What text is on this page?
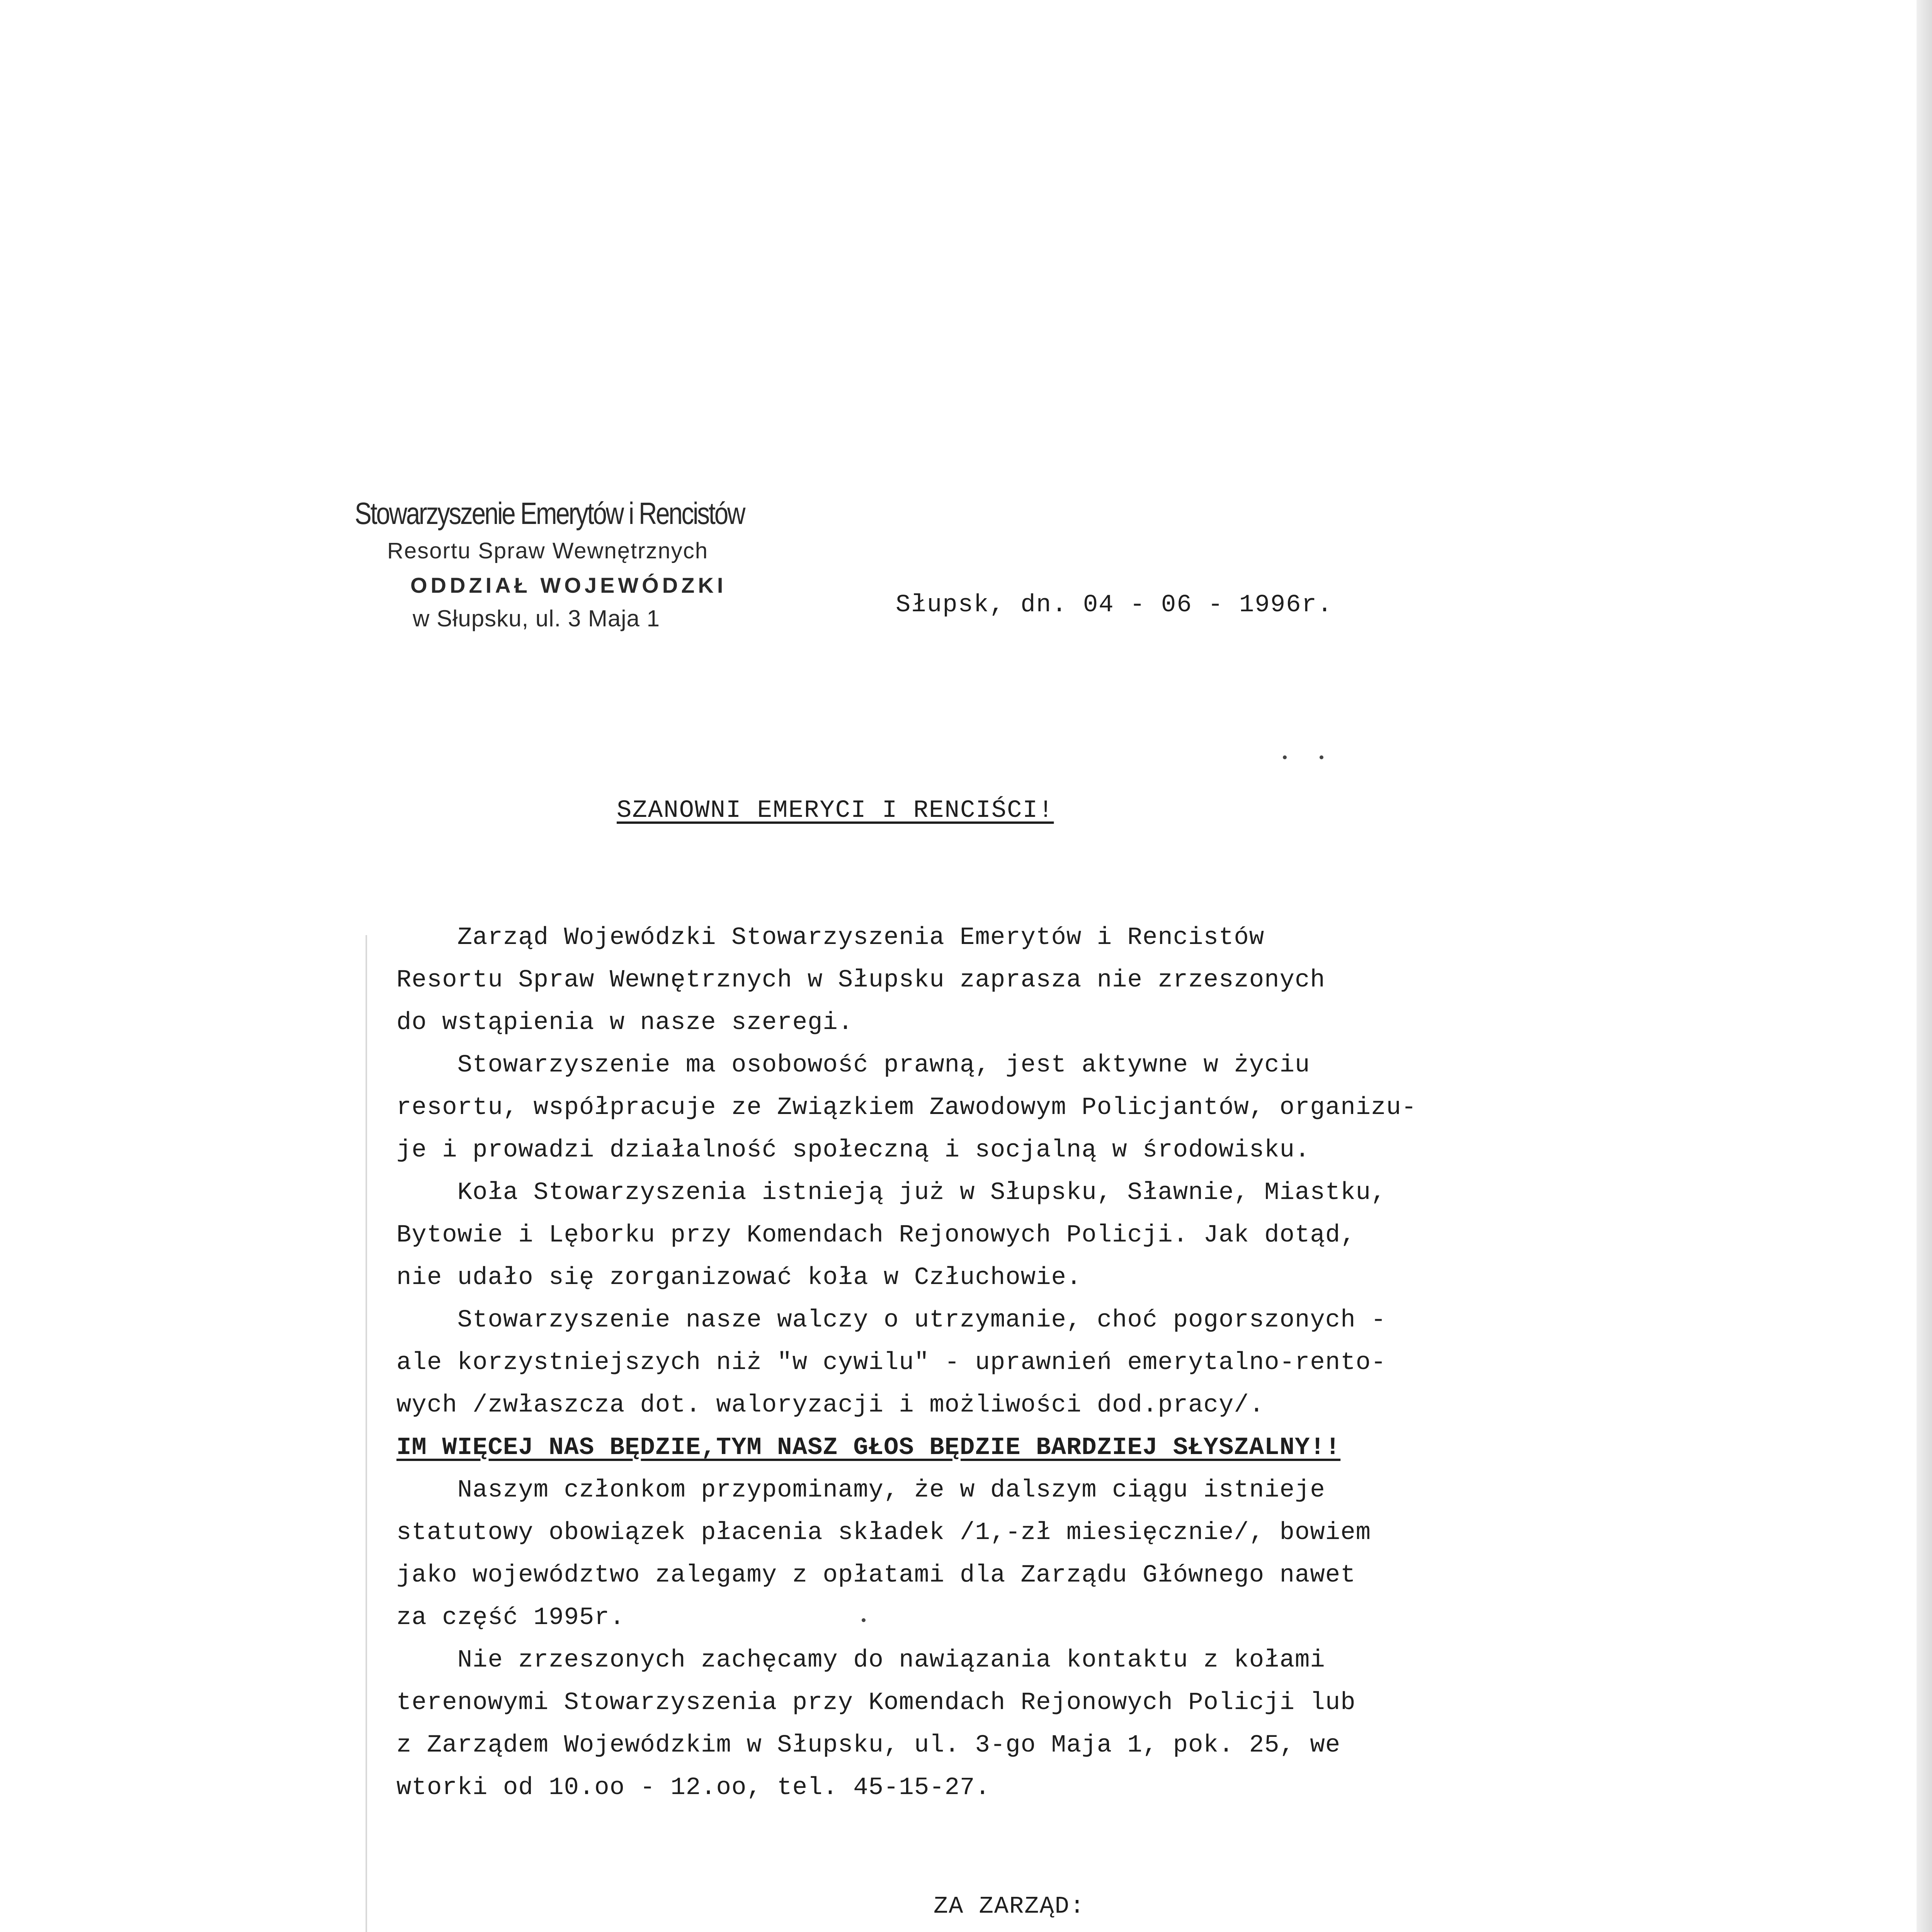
Stowarzyszenie Emerytów i Rencistów
Resortu Spraw Wewnętrznych
ODDZIAŁ WOJEWÓDZKI
w Słupsku, ul. 3 Maja 1	Słupsk, dn. 04 - 06 - 1996r.
SZANOWNI EMERYCI I RENCIŚCI!
Zarząd Wojewódzki Stowarzyszenia Emerytów i Rencistów
Resortu Spraw Wewnętrznych w Słupsku zaprasza nie zrzeszonych
do wstąpienia w nasze szeregi.
Stowarzyszenie ma osobowość prawną, jest aktywne w życiu
resortu, współpracuje ze Związkiem Zawodowym Policjantów, organizu-
je i prowadzi działalność społeczną i socjalną w środowisku.
Koła Stowarzyszenia istnieją już w Słupsku, Sławnie, Miastku,
Bytowie i Lęborku przy Komendach Rejonowych Policji. Jak dotąd,
nie udało się zorganizować koła w Człuchowie.
Stowarzyszenie nasze walczy o utrzymanie, choć pogorszonych -
ale korzystniejszych niż "w cywilu" - uprawnień emerytalno-rento-
wych /zwłaszcza dot. waloryzacji i możliwości dod.pracy/.
IM WIĘCEJ NAS BĘDZIE,TYM NASZ GŁOS BĘDZIE BARDZIEJ SŁYSZALNY!!
Naszym członkom przypominamy, że w dalszym ciągu istnieje
statutowy obowiązek płacenia składek /1,-zł miesięcznie/, bowiem
jako województwo zalegamy z opłatami dla Zarządu Głównego nawet
za część 1995r.
Nie zrzeszonych zachęcamy do nawiązania kontaktu z kołami
terenowymi Stowarzyszenia przy Komendach Rejonowych Policji lub
z Zarządem Wojewódzkim w Słupsku, ul. 3-go Maja 1, pok. 25, we
wtorki od 10.oo - 12.oo, tel. 45-15-27.
ZA ZARZĄD:
